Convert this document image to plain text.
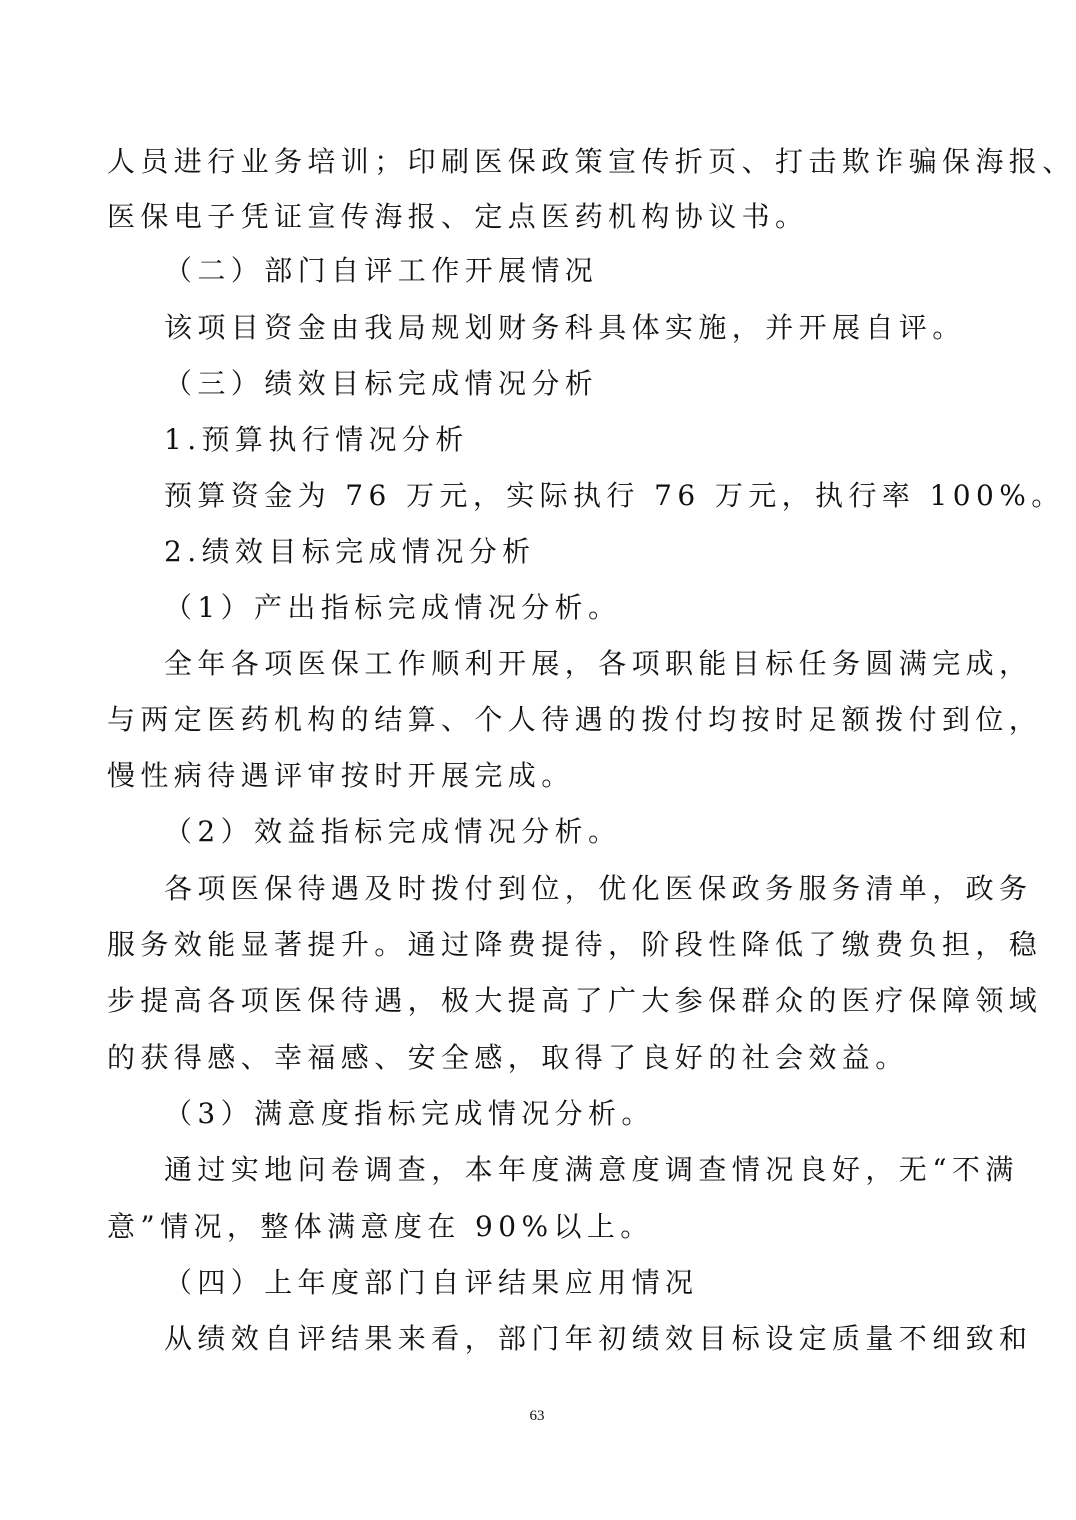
人员进行业务培训；印刷医保政策宣传折页、打击欺诈骗保海报、
医保电子凭证宣传海报、定点医药机构协议书。
（二）部门自评工作开展情况
该项目资金由我局规划财务科具体实施，并开展自评。
（三）绩效目标完成情况分析
1.预算执行情况分析
预算资金为 76 万元，实际执行 76 万元，执行率 100%。
2.绩效目标完成情况分析
（1）产出指标完成情况分析。
全年各项医保工作顺利开展，各项职能目标任务圆满完成，
与两定医药机构的结算、个人待遇的拨付均按时足额拨付到位，
慢性病待遇评审按时开展完成。
（2）效益指标完成情况分析。
各项医保待遇及时拨付到位，优化医保政务服务清单，政务
服务效能显著提升。通过降费提待，阶段性降低了缴费负担，稳
步提高各项医保待遇，极大提高了广大参保群众的医疗保障领域
的获得感、幸福感、安全感，取得了良好的社会效益。
（3）满意度指标完成情况分析。
通过实地问卷调查，本年度满意度调查情况良好，无“不满
意”情况，整体满意度在 90%以上。
（四）上年度部门自评结果应用情况
从绩效自评结果来看，部门年初绩效目标设定质量不细致和
63
